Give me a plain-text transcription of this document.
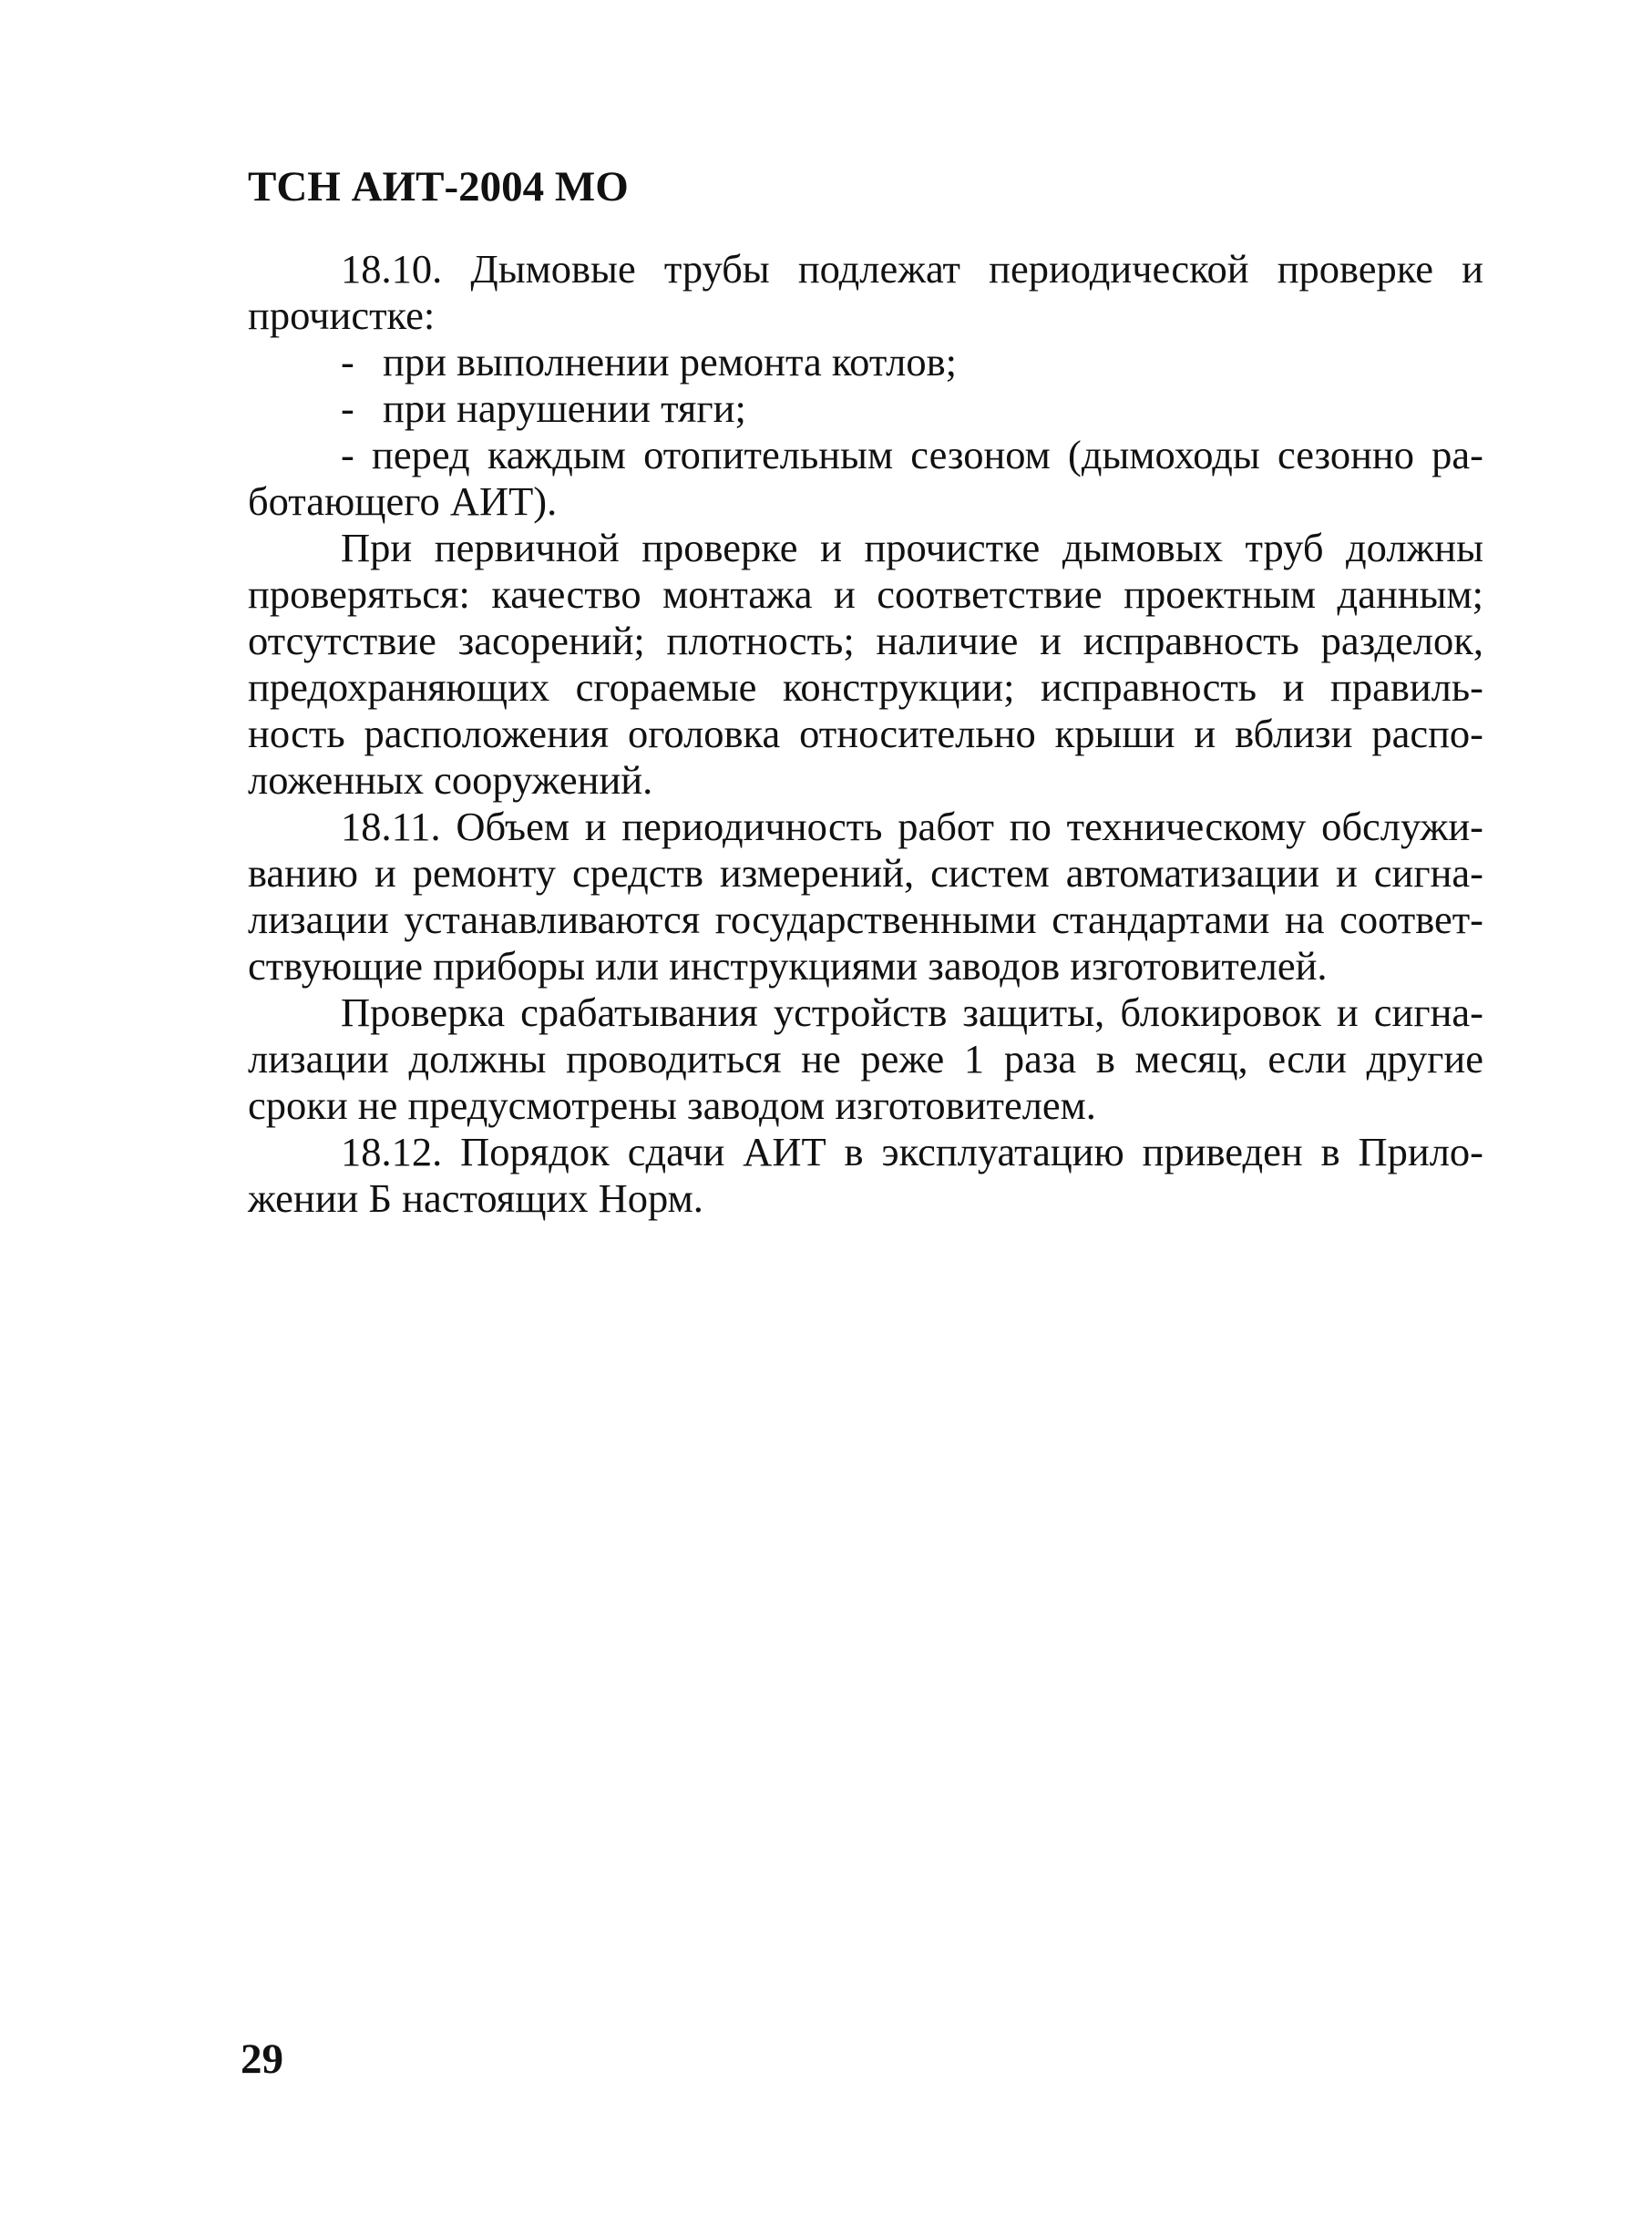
ТСН АИТ-2004 МО

18.10. Дымовые трубы подлежат периодической проверке и прочистке:

- при выполнении ремонта котлов;

- при нарушении тяги;

- перед каждым отопительным сезоном (дымоходы сезонно работающего АИТ).

При первичной проверке и прочистке дымовых труб должны проверяться: качество монтажа и соответствие проектным данным; отсутствие засорений; плотность; наличие и исправность разделок, предохраняющих сгораемые конструкции; исправность и правильность расположения оголовка относительно крыши и вблизи расположенных сооружений.

18.11. Объем и периодичность работ по техническому обслуживанию и ремонту средств измерений, систем автоматизации и сигнализации устанавливаются государственными стандартами на соответствующие приборы или инструкциями заводов изготовителей.

Проверка срабатывания устройств защиты, блокировок и сигнализации должны проводиться не реже 1 раза в месяц, если другие сроки не предусмотрены заводом изготовителем.

18.12. Порядок сдачи АИТ в эксплуатацию приведен в Приложении Б настоящих Норм.

29
